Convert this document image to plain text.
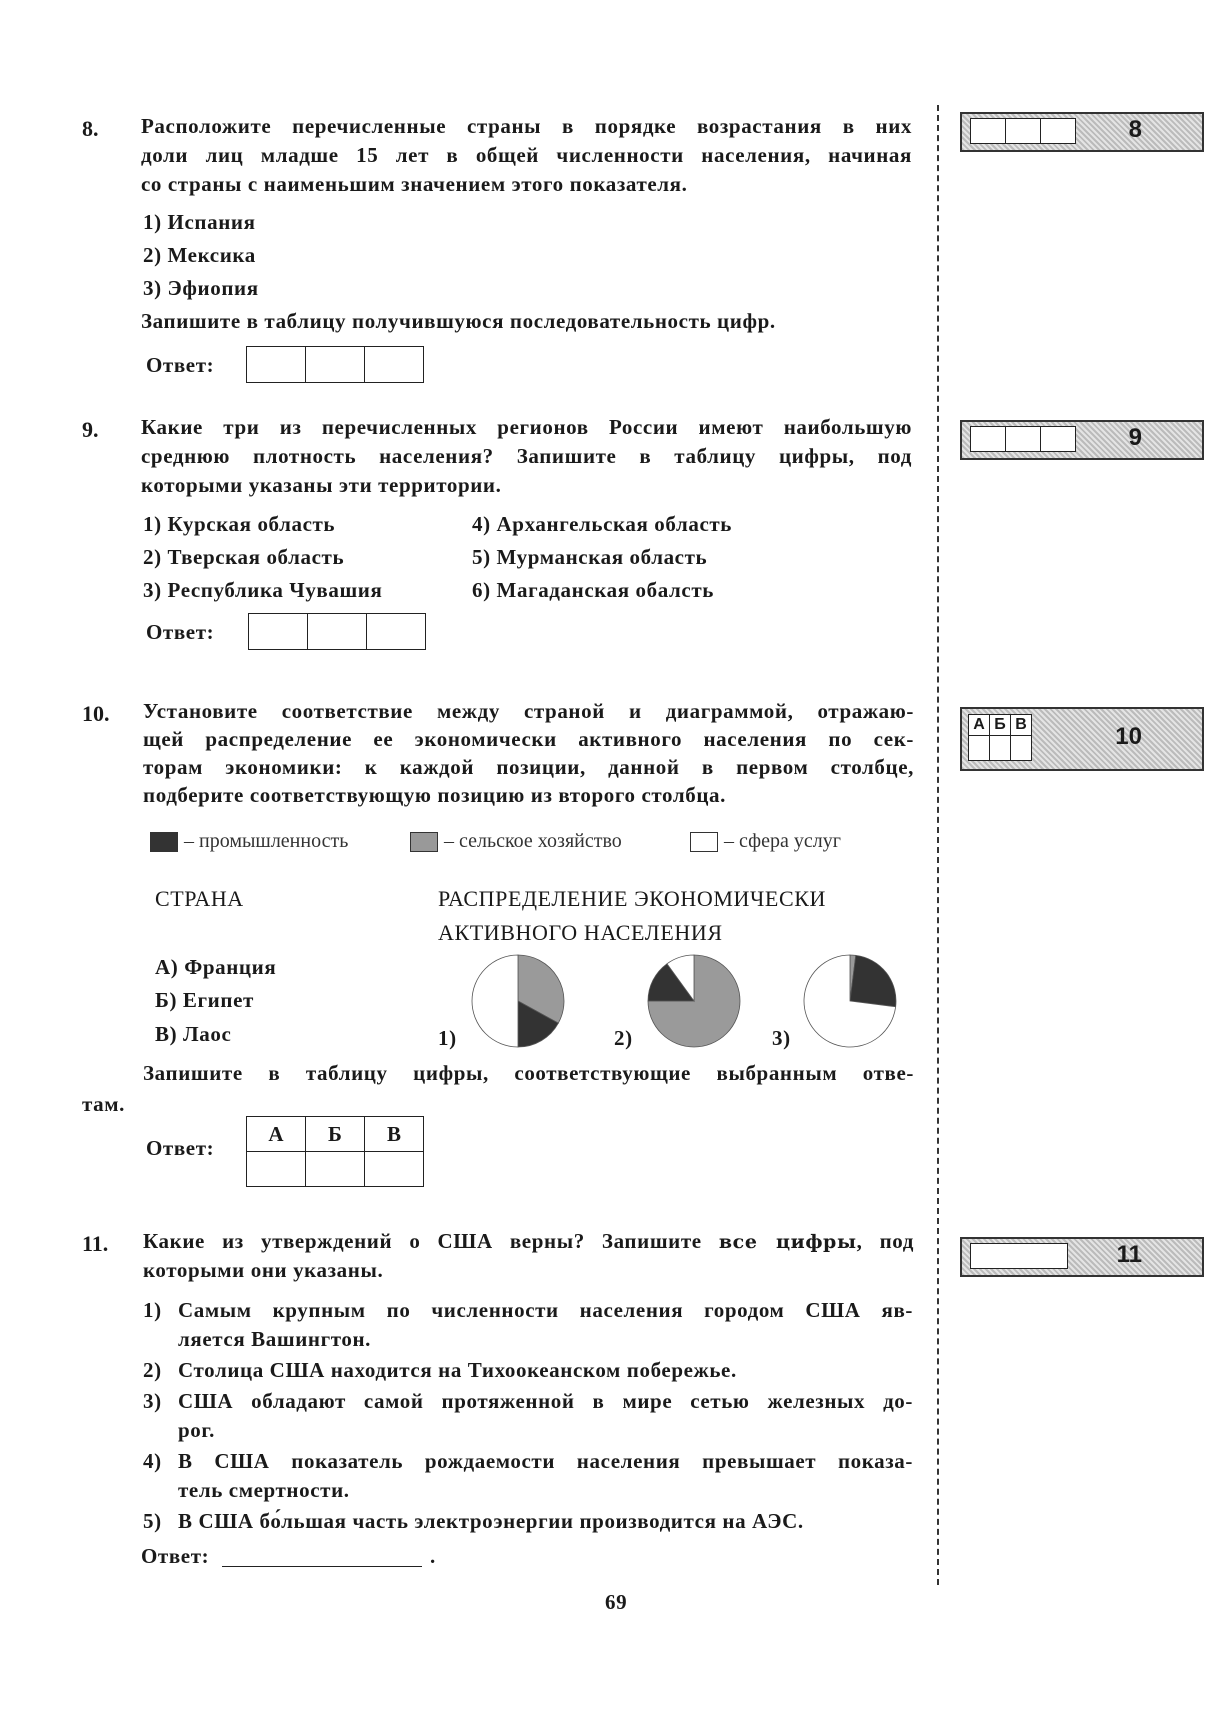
8. Расположите перечисленные страны в порядке возрастания в них
доли лиц младше 15 лет в общей численности населения, начиная
со страны с наименьшим значением этого показателя.
1) Испания
2) Мексика
3) Эфиопия
Запишите в таблицу получившуюся последовательность цифр.
Ответ:
8
9. Какие три из перечисленных регионов России имеют наибольшую
среднюю плотность населения? Запишите в таблицу цифры, под
которыми указаны эти территории.
1) Курская область
2) Тверская область
3) Республика Чувашия
4) Архангельская область
5) Мурманская область
6) Магаданская обалсть
Ответ:
9
10. Установите соответствие между страной и диаграммой, отражаю-
щей распределение ее экономически активного населения по сек-
торам экономики: к каждой позиции, данной в первом столбце,
подберите соответствующую позицию из второго столбца.
– промышленность	– сельское хозяйство	– сфера услуг
СТРАНА	РАСПРЕДЕЛЕНИЕ ЭКОНОМИЧЕСКИ
АКТИВНОГО НАСЕЛЕНИЯ
А) Франция
Б) Египет
В) Лаос	1)	2)	3)
Запишите в таблицу цифры, соответствующие выбранным отве-
там.
Ответ:
А	Б	В

А	Б	В
			10
11. Какие из утверждений о США верны? Запишите все цифры, под
которыми они указаны.
1) Самым крупным по численности населения городом США яв-
ляется Вашингтон.
2) Столица США находится на Тихоокеанском побережье.
3) США обладают самой протяженной в мире сетью железных до-
рог.
4) В США показатель рождаемости населения превышает показа-
тель смертности.
5) В США бо́льшая часть электроэнергии производится на АЭС.
Ответ:	.
11
69
